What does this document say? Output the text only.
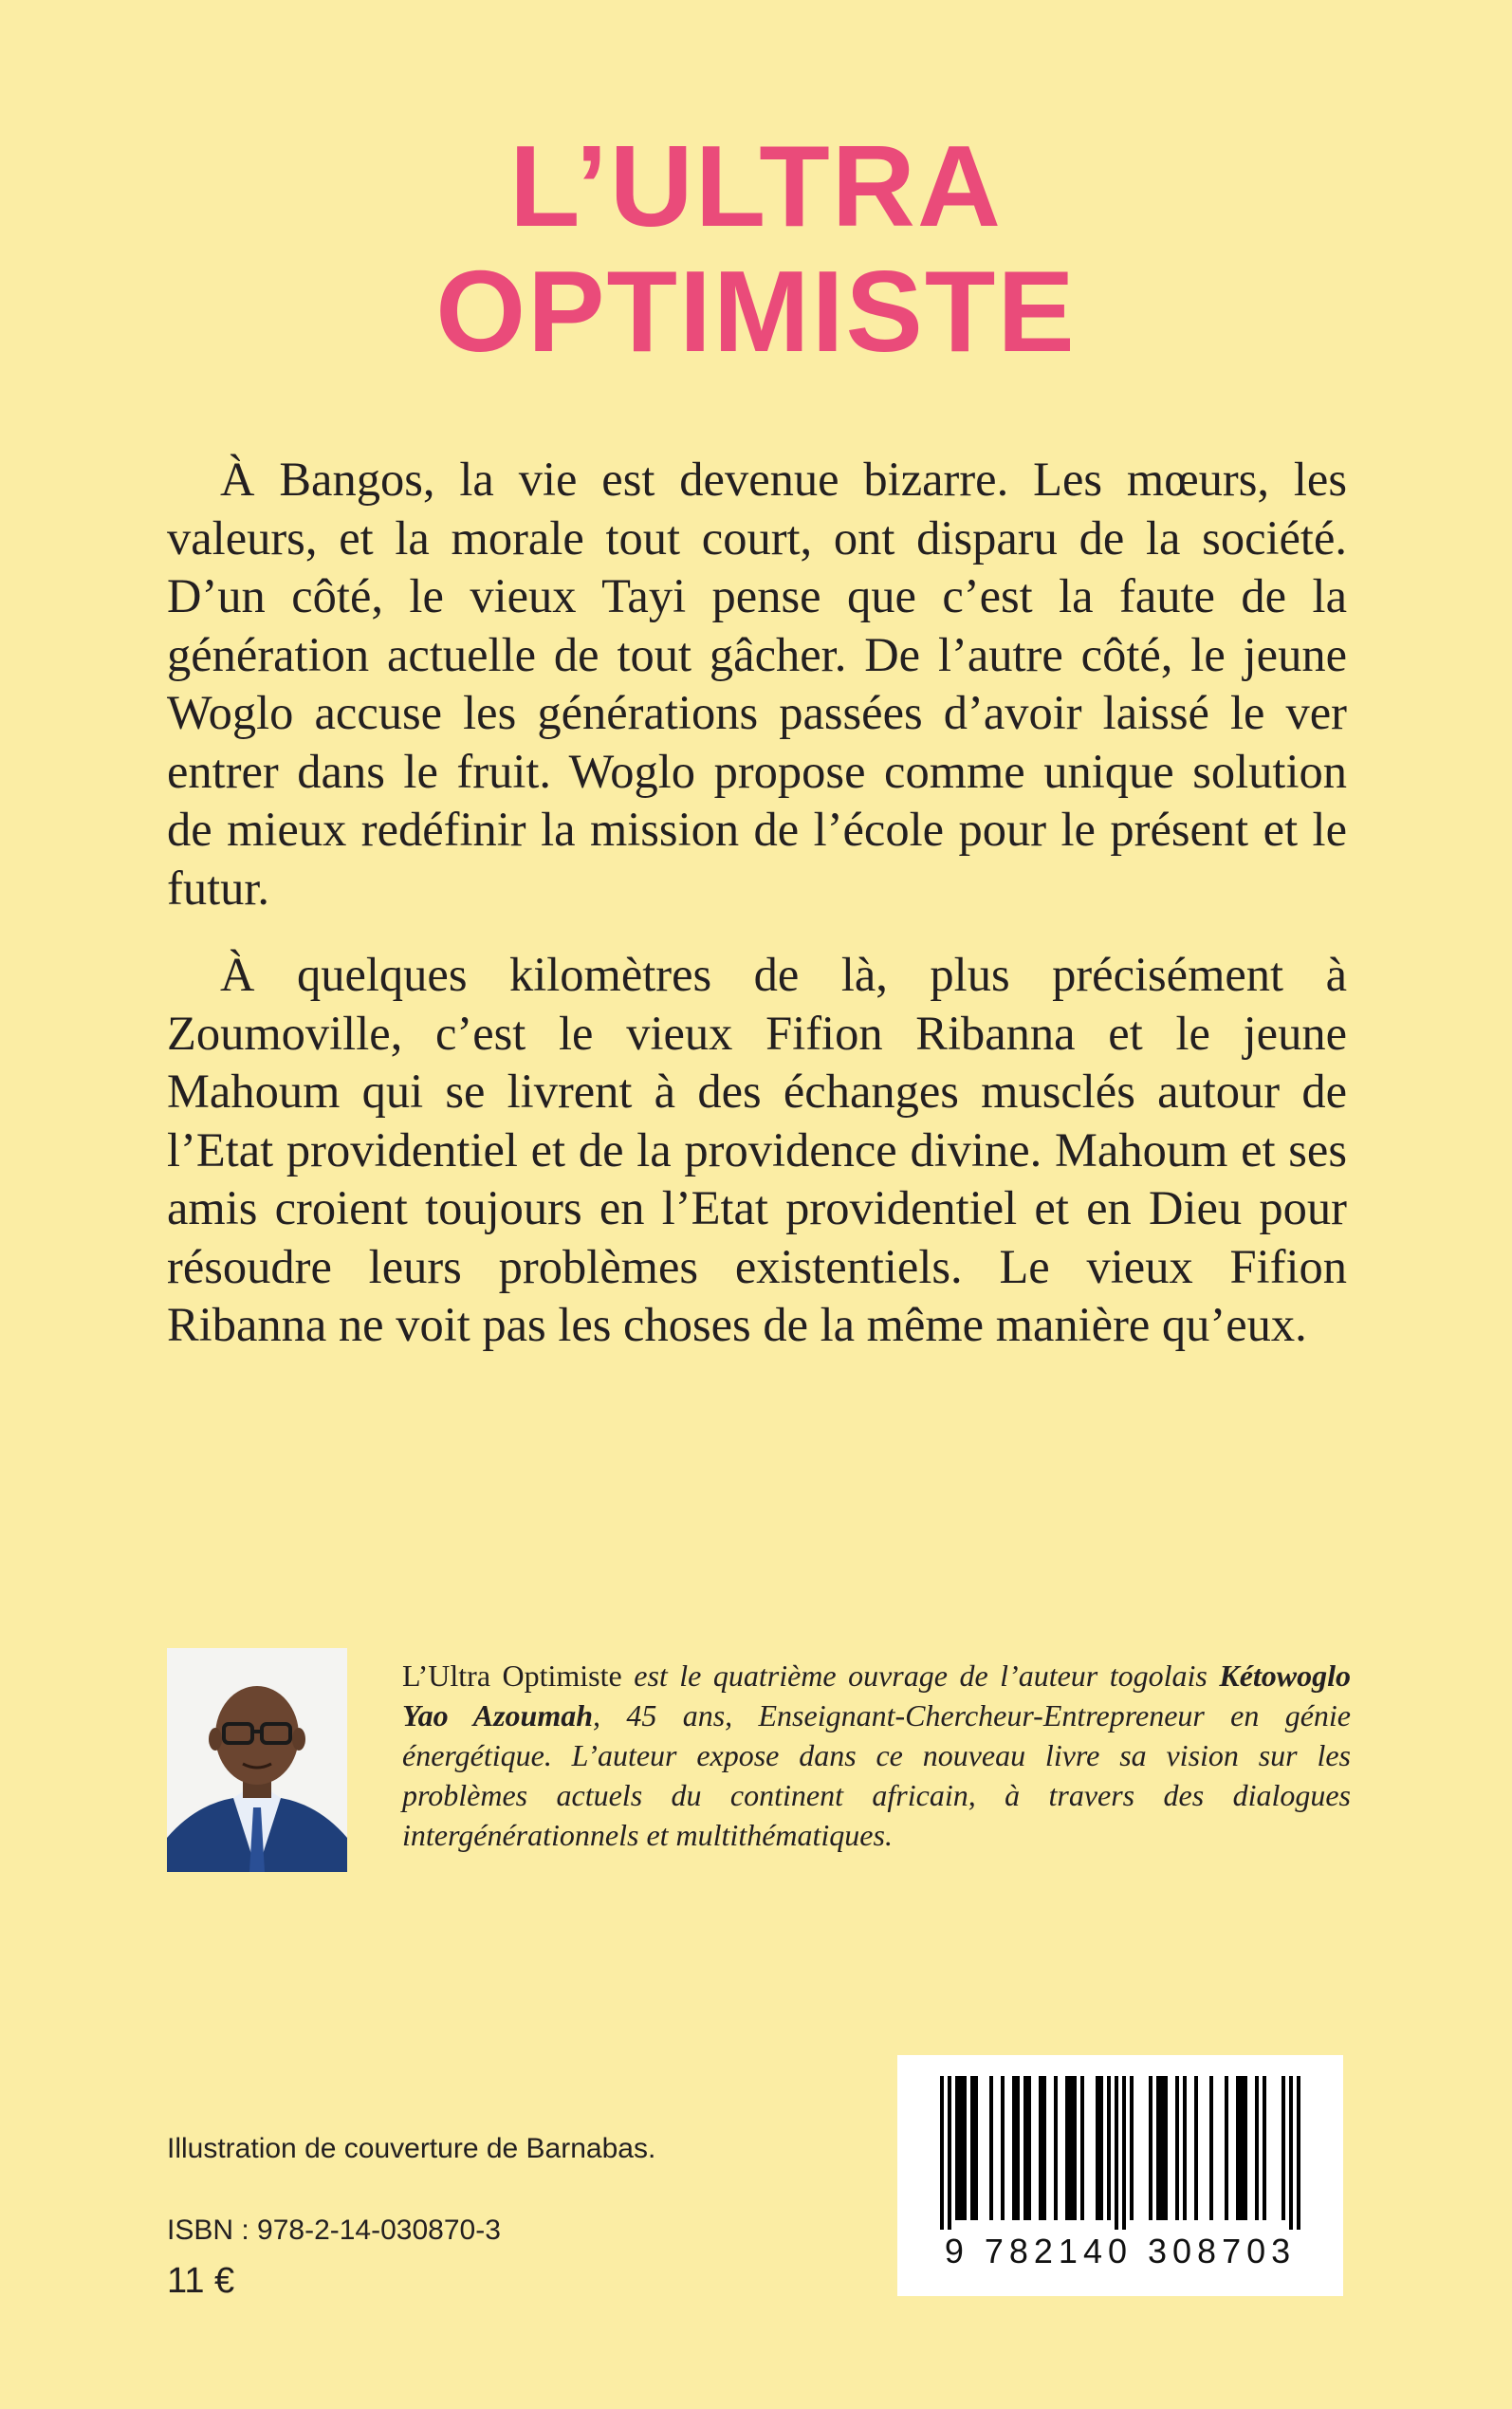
L’ULTRA
OPTIMISTE

À Bangos, la vie est devenue bizarre. Les mœurs, les valeurs, et la morale tout court, ont disparu de la société. D’un côté, le vieux Tayi pense que c’est la faute de la génération actuelle de tout gâcher. De l’autre côté, le jeune Woglo accuse les générations passées d’avoir laissé le ver entrer dans le fruit. Woglo propose comme unique solution de mieux redéfinir la mission de l’école pour le présent et le futur.

À quelques kilomètres de là, plus précisément à Zoumoville, c’est le vieux Fifion Ribanna et le jeune Mahoum qui se livrent à des échanges musclés autour de l’Etat providentiel et de la providence divine. Mahoum et ses amis croient toujours en l’Etat providentiel et en Dieu pour résoudre leurs problèmes existentiels. Le vieux Fifion Ribanna ne voit pas les choses de la même manière qu’eux.

L’Ultra Optimiste est le quatrième ouvrage de l’auteur togolais Kétowoglo Yao Azoumah, 45 ans, Enseignant-Chercheur-Entrepreneur en génie énergétique. L’auteur expose dans ce nouveau livre sa vision sur les problèmes actuels du continent africain, à travers des dialogues intergénérationnels et multithématiques.

Illustration de couverture de Barnabas.

ISBN : 978-2-14-030870-3

11 €

9 782140 308703
